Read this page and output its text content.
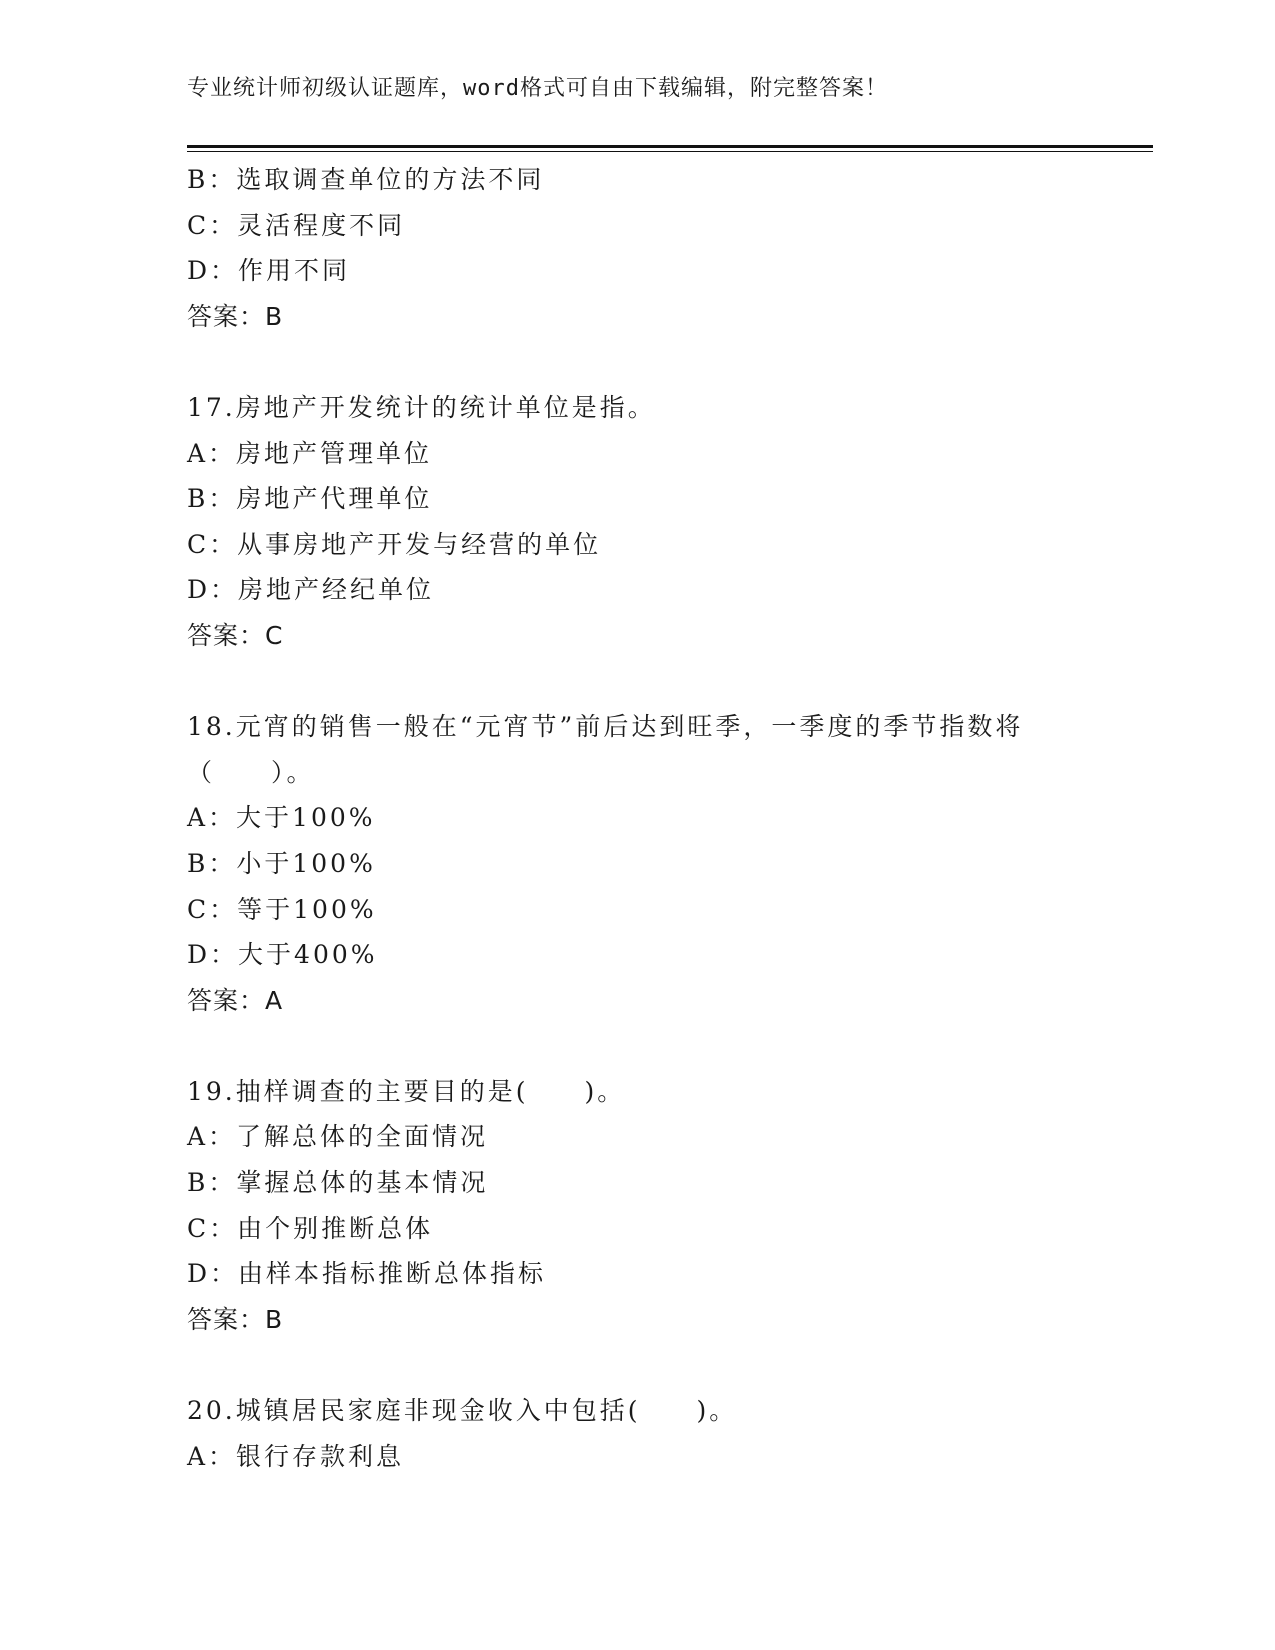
专业统计师初级认证题库，word格式可自由下载编辑，附完整答案！
B：选取调查单位的方法不同
C：灵活程度不同
D：作用不同
答案：B
17.房地产开发统计的统计单位是指。
A：房地产管理单位
B：房地产代理单位
C：从事房地产开发与经营的单位
D：房地产经纪单位
答案：C
18.元宵的销售一般在“元宵节”前后达到旺季，一季度的季节指数将
（　　）。
A：大于100%
B：小于100%
C：等于100%
D：大于400%
答案：A
19.抽样调查的主要目的是(　　)。
A：了解总体的全面情况
B：掌握总体的基本情况
C：由个别推断总体
D：由样本指标推断总体指标
答案：B
20.城镇居民家庭非现金收入中包括(　　)。
A：银行存款利息
